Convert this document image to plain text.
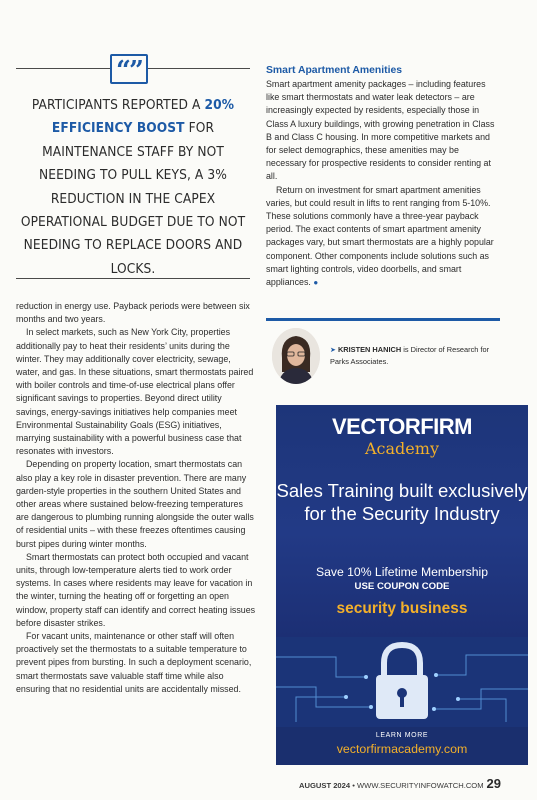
“”
PARTICIPANTS REPORTED A 20% EFFICIENCY BOOST FOR MAINTENANCE STAFF BY NOT NEEDING TO PULL KEYS, A 3% REDUCTION IN THE CAPEX OPERATIONAL BUDGET DUE TO NOT NEEDING TO REPLACE DOORS AND LOCKS.

reduction in energy use. Payback periods were between six months and two years.

In select markets, such as New York City, properties additionally pay to heat their residents’ units during the winter. They may additionally cover electricity, sewage, water, and gas. In these situations, smart thermostats paired with boiler controls and time-of-use electrical plans offer significant savings to properties. Beyond direct utility savings, energy-savings initiatives help companies meet Environmental Sustainability Goals (ESG) initiatives, marrying sustainability with a powerful business case that resonates with investors.

Depending on property location, smart thermostats can also play a key role in disaster prevention. There are many garden-style properties in the southern United States and other areas where sustained below-freezing temperatures are dangerous to plumbing running alongside the outer walls of residential units – with these freezes oftentimes causing burst pipes during winter months.

Smart thermostats can protect both occupied and vacant units, through low-temperature alerts tied to work order systems. In cases where residents may leave for vacation in the winter, turning the heating off or forgetting an open window, property staff can identify and correct heating issues before disaster strikes.

For vacant units, maintenance or other staff will often proactively set the thermostats to a suitable temperature to prevent pipes from bursting. In such a deployment scenario, smart thermostats save valuable staff time while also ensuring that no residential units are accidentally missed.

Smart Apartment Amenities

Smart apartment amenity packages – including features like smart thermostats and water leak detectors – are increasingly expected by residents, especially those in Class A luxury buildings, with growing penetration in Class B and Class C housing. In more competitive markets and for select demographics, these amenities may be necessary for prospective residents to consider renting at all.

Return on investment for smart apartment amenities varies, but could result in lifts to rent ranging from 5-10%. These solutions commonly have a three-year payback period. The exact contents of smart apartment amenity packages vary, but smart thermostats are a highly popular component. Other components include solutions such as smart lighting controls, video doorbells, and smart appliances. ●

➤ KRISTEN HANICH is Director of Research for Parks Associates.
VECTORFIRM
Academy
Sales Training built exclusively for the Security Industry
Save 10% Lifetime Membership
USE COUPON CODE
security business
LEARN MORE
vectorfirmacademy.com
AUGUST 2024 • WWW.SECURITYINFOWATCH.COM 29
